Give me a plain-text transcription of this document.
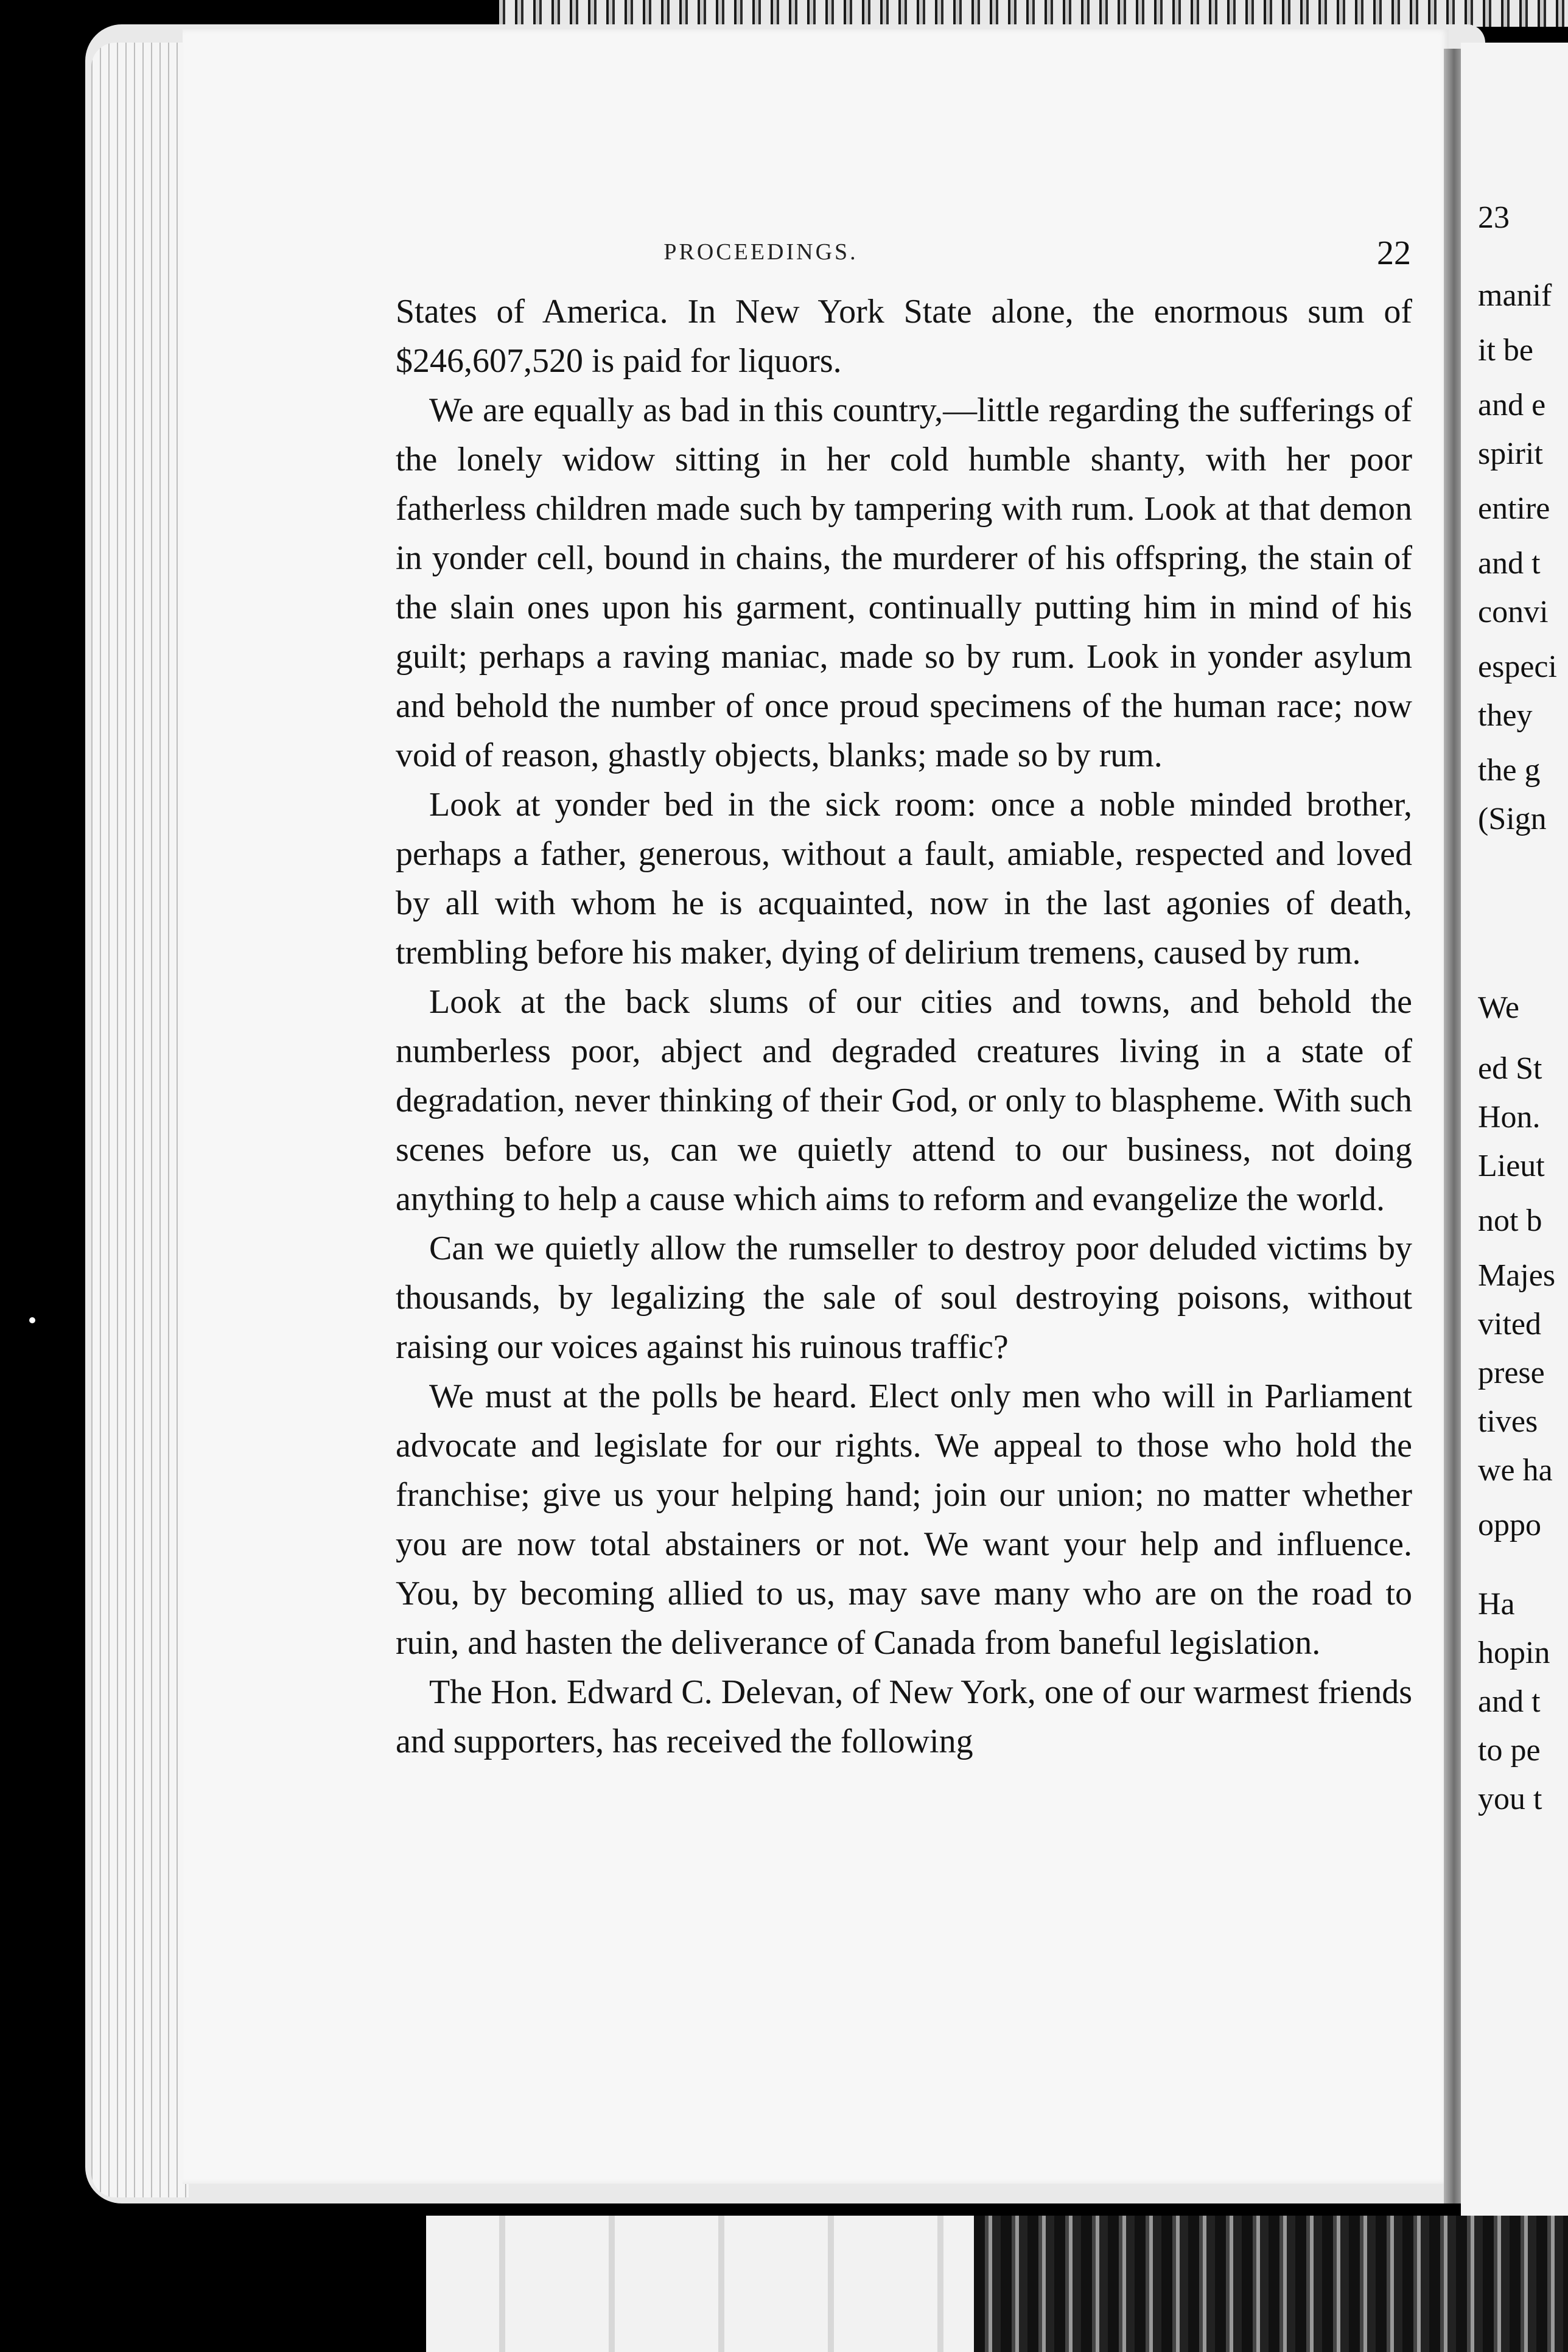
23
manif
it be
and e
spirit
entire
and t
convi
especi
they
the g
(Sign
We
ed St
Hon.
Lieut
not b
Majes
vited
prese
tives
we ha
oppo
Ha
hopin
and t
to pe
you t
PROCEEDINGS.	22

States of America. In New York State alone, the enormous sum of $246,607,520 is paid for liquors.

We are equally as bad in this country,—little regarding the sufferings of the lonely widow sitting in her cold humble shanty, with her poor fatherless children made such by tampering with rum. Look at that demon in yonder cell, bound in chains, the murderer of his offspring, the stain of the slain ones upon his garment, continually putting him in mind of his guilt; perhaps a raving maniac, made so by rum. Look in yonder asylum and behold the number of once proud specimens of the human race; now void of reason, ghastly objects, blanks; made so by rum.

Look at yonder bed in the sick room: once a noble minded brother, perhaps a father, generous, without a fault, amiable, respected and loved by all with whom he is acquainted, now in the last agonies of death, trembling before his maker, dying of delirium tremens, caused by rum.

Look at the back slums of our cities and towns, and behold the numberless poor, abject and degraded creatures living in a state of degradation, never thinking of their God, or only to blaspheme. With such scenes before us, can we quietly attend to our business, not doing anything to help a cause which aims to reform and evangelize the world.

Can we quietly allow the rumseller to destroy poor deluded victims by thousands, by legalizing the sale of soul destroying poisons, without raising our voices against his ruinous traffic?

We must at the polls be heard. Elect only men who will in Parliament advocate and legislate for our rights. We appeal to those who hold the franchise; give us your helping hand; join our union; no matter whether you are now total abstainers or not. We want your help and influence. You, by becoming allied to us, may save many who are on the road to ruin, and hasten the deliverance of Canada from baneful legislation.

The Hon. Edward C. Delevan, of New York, one of our warmest friends and supporters, has received the following
